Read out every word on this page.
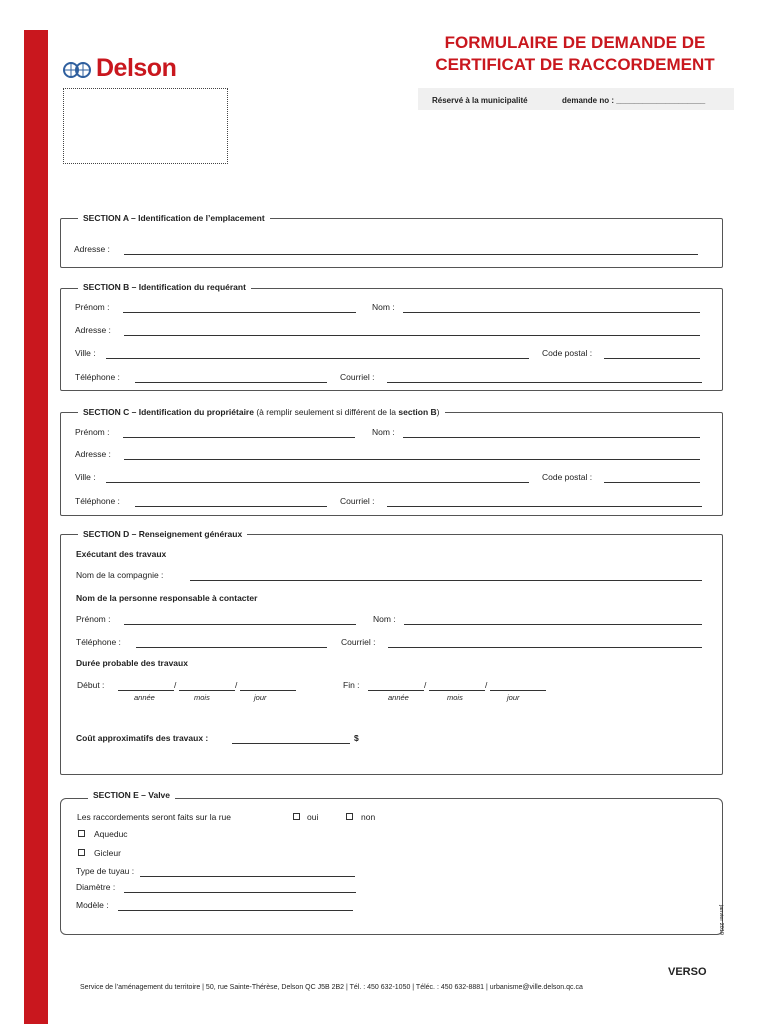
Delson
FORMULAIRE DE DEMANDE DE
CERTIFICAT DE RACCORDEMENT
Réservé à la municipalité	demande no : ____________________
SECTION A – Identification de l’emplacement
Adresse :
SECTION B – Identification du requérant
Prénom :	Nom :
Adresse :
Ville :	Code postal :
Téléphone :	Courriel :
SECTION C – Identification du propriétaire (à remplir seulement si différent de la section B)
Prénom :	Nom :
Adresse :
Ville :	Code postal :
Téléphone :	Courriel :
SECTION D – Renseignement généraux
Exécutant des travaux
Nom de la compagnie :
Nom de la personne responsable à contacter
Prénom :	Nom :
Téléphone :	Courriel :
Durée probable des travaux
Début :	/	/
année	mois	jour
Fin :	/	/
année	mois	jour
Coût approximatifs des travaux :	$
SECTION E – Valve
Les raccordements seront faits sur la rue	oui	non
Aqueduc
Gicleur
Type de tuyau :
Diamètre :
Modèle :	janvier 2019
VERSO
Service de l’aménagement du territoire | 50, rue Sainte-Thérèse, Delson QC J5B 2B2 | Tél. : 450 632-1050 | Téléc. : 450 632-8881 | urbanisme@ville.delson.qc.ca
